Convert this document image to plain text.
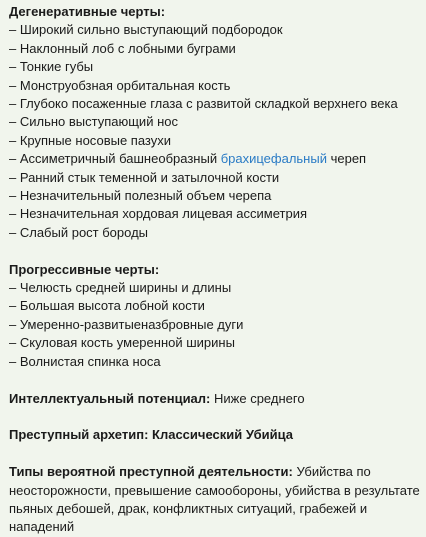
Дегенеративные черты:
– Широкий сильно выступающий подбородок
– Наклонный лоб с лобными буграми
– Тонкие губы
– Монструобзная орбитальная кость
– Глубоко посаженные глаза с развитой складкой верхнего века
– Сильно выступающий нос
– Крупные носовые пазухи
– Ассиметричный башнеобразный брахицефальный череп
– Ранний стык теменной и затылочной кости
– Незначительный полезный объем черепа
– Незначительная хордовая лицевая ассиметрия
– Слабый рост бороды
Прогрессивные черты:
– Челюсть средней ширины и длины
– Большая высота лобной кости
– Умеренно-развитыеназбровные дуги
– Скуловая кость умеренной ширины
– Волнистая спинка носа
Интеллектуальный потенциал: Ниже среднего
Преступный архетип: Классический Убийца
Типы вероятной преступной деятельности: Убийства по неосторожности, превышение самообороны, убийства в результате пьяных дебошей, драк, конфликтных ситуаций, грабежей и нападений
